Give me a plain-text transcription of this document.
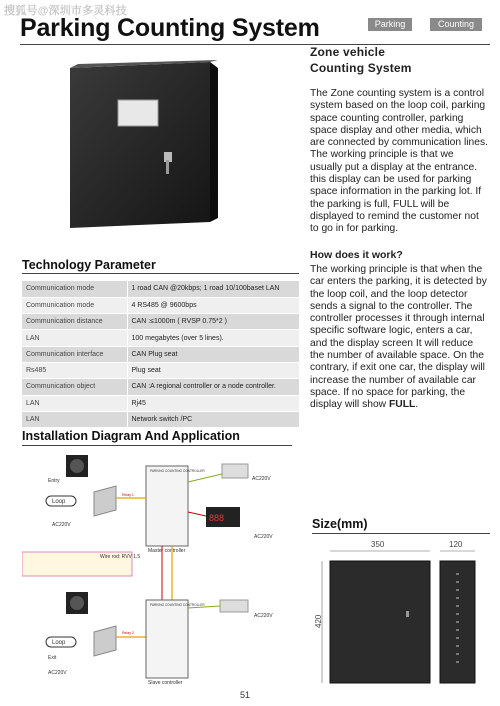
搜狐号@深圳市多灵科技
Parking Counting System	Parking	Counting
Zone vehicle
Counting System
The Zone counting system is a control system based on the loop coil, parking space counting controller, parking space display and other media, which are connected by communication lines. The working principle is that we usually put a display at the entrance. this display can be used for parking space information in the parking lot. If the parking is full, FULL will be displayed to remind the customer not to go in for parking.
How does it work?
The working principle is that when the car enters the parking, it is detected by the loop coil, and the loop detector sends a signal to the controller. The controller processes it through internal specific software logic, enters a car, and the display screen It will reduce the number of available space. On the contrary, if exit one car, the display will increase the number of available car space. If no space for parking, the display will show FULL.
Technology Parameter
Communication mode	1 road CAN @20kbps; 1 road 10/100baset LAN
Communication mode	4 RS485 @ 9600bps
Communication distance	CAN :≤1000m ( RVSP 0.75*2 )
LAN	100 megabytes (over 5 lines).
Communication interface	CAN Plug seat
Rs485	Plug seat
Communication object	CAN :A regional controller or a node controller.
LAN	Rj45
LAN	Network switch /PC
Installation Diagram And Application
Entry
Loop
AC220V
PARKING COUNTING CONTROLLER
Master controller
Relay 1
AC220V
888
AC220V
Wire rod: RVV 1.5
Loop
Exit
AC220V
Relay 2
PARKING COUNTING CONTROLLER
Slave controller
AC220V
Size(mm)
350	120
420
51
